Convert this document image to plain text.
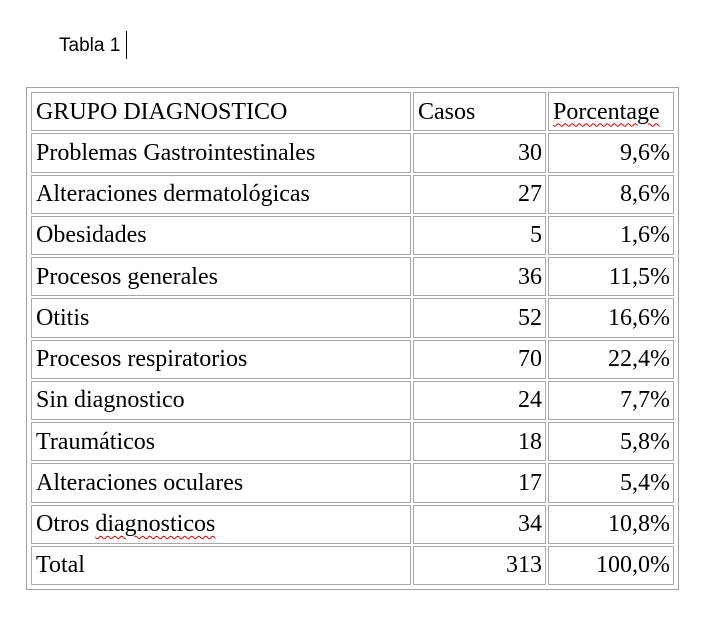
Tabla 1
GRUPO DIAGNOSTICO	Casos	Porcentage
Problemas Gastrointestinales	30	9,6%
Alteraciones dermatológicas	27	8,6%
Obesidades	5	1,6%
Procesos generales	36	11,5%
Otitis	52	16,6%
Procesos respiratorios	70	22,4%
Sin diagnostico	24	7,7%
Traumáticos	18	5,8%
Alteraciones oculares	17	5,4%
Otros diagnosticos	34	10,8%
Total	313	100,0%
